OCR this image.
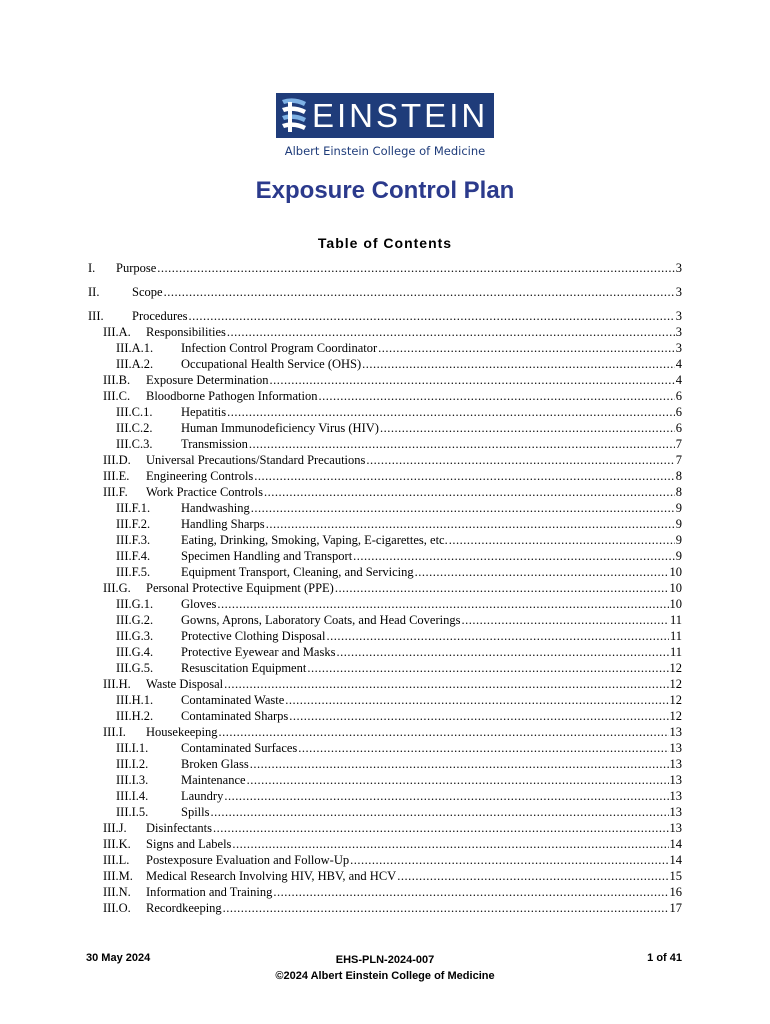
EINSTEIN
Albert Einstein College of Medicine
Exposure Control Plan
Table of Contents
I.	Purpose .....	3
II.	Scope .....	3
III.	Procedures .....	3
III.A.	Responsibilities .....	3
III.A.1.	Infection Control Program Coordinator .....	3
III.A.2.	Occupational Health Service (OHS) .....	4
III.B.	Exposure Determination .....	4
III.C.	Bloodborne Pathogen Information .....	6
III.C.1.	Hepatitis .....	6
III.C.2.	Human Immunodeficiency Virus (HIV) .....	6
III.C.3.	Transmission .....	7
III.D.	Universal Precautions/Standard Precautions .....	7
III.E.	Engineering Controls .....	8
III.F.	Work Practice Controls .....	8
III.F.1.	Handwashing .....	9
III.F.2.	Handling Sharps .....	9
III.F.3.	Eating, Drinking, Smoking, Vaping, E-cigarettes, etc. .....	9
III.F.4.	Specimen Handling and Transport .....	9
III.F.5.	Equipment Transport, Cleaning, and Servicing .....	10
III.G.	Personal Protective Equipment (PPE) .....	10
III.G.1.	Gloves .....	10
III.G.2.	Gowns, Aprons, Laboratory Coats, and Head Coverings .....	11
III.G.3.	Protective Clothing Disposal .....	11
III.G.4.	Protective Eyewear and Masks .....	11
III.G.5.	Resuscitation Equipment .....	12
III.H.	Waste Disposal .....	12
III.H.1.	Contaminated Waste .....	12
III.H.2.	Contaminated Sharps .....	12
III.I.	Housekeeping .....	13
III.I.1.	Contaminated Surfaces .....	13
III.I.2.	Broken Glass .....	13
III.I.3.	Maintenance .....	13
III.I.4.	Laundry .....	13
III.I.5.	Spills .....	13
III.J.	Disinfectants .....	13
III.K.	Signs and Labels .....	14
III.L.	Postexposure Evaluation and Follow-Up .....	14
III.M.	Medical Research Involving HIV, HBV, and HCV .....	15
III.N.	Information and Training .....	16
III.O.	Recordkeeping .....	17
30 May 2024	EHS-PLN-2024-007
©2024 Albert Einstein College of Medicine
1 of 41
